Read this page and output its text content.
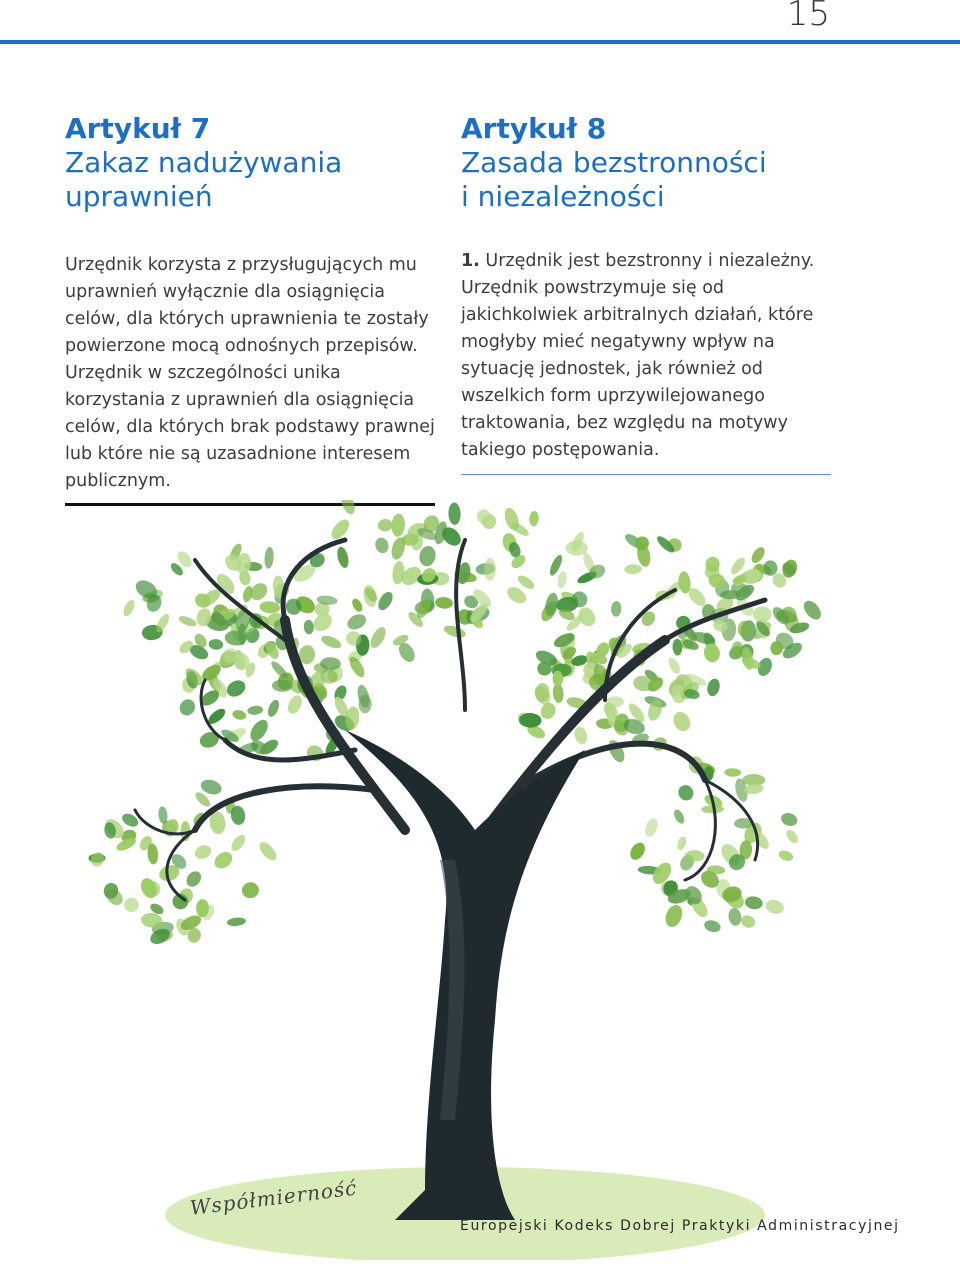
15
Artykuł 7
Zakaz nadużywania
uprawnień
Urzędnik korzysta z przysługujących mu uprawnień wyłącznie dla osiągnięcia celów, dla których uprawnienia te zostały powierzone mocą odnośnych przepisów. Urzędnik w szczególności unika korzystania z uprawnień dla osiągnięcia celów, dla których brak podstawy prawnej lub które nie są uzasadnione interesem publicznym.
Artykuł 8
Zasada bezstronności
i niezależności
1. Urzędnik jest bezstronny i niezależny.
Urzędnik powstrzymuje się od jakichkolwiek arbitralnych działań, które mogłyby mieć negatywny wpływ na sytuację jednostek, jak również od wszelkich form uprzywilejowanego traktowania, bez względu na motywy takiego postępowania.
Współmierność
Europejski Kodeks Dobrej Praktyki Administracyjnej
